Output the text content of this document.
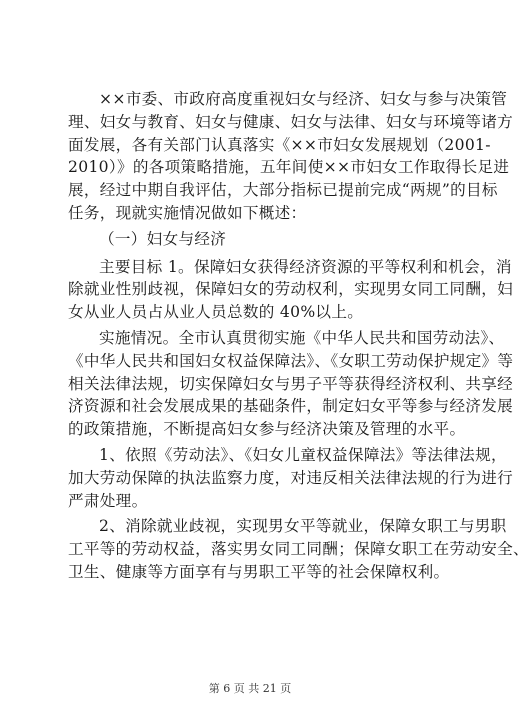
××市委、市政府高度重视妇女与经济、妇女与参与决策管
理、妇女与教育、妇女与健康、妇女与法律、妇女与环境等诸方
面发展，各有关部门认真落实《××市妇女发展规划（2001-
2010）》的各项策略措施，五年间使××市妇女工作取得长足进
展，经过中期自我评估，大部分指标已提前完成“两规”的目标
任务，现就实施情况做如下概述：

（一）妇女与经济

主要目标 1。保障妇女获得经济资源的平等权利和机会，消
除就业性别歧视，保障妇女的劳动权利，实现男女同工同酬，妇
女从业人员占从业人员总数的 40%以上。

实施情况。全市认真贯彻实施《中华人民共和国劳动法》、
《中华人民共和国妇女权益保障法》、《女职工劳动保护规定》等
相关法律法规，切实保障妇女与男子平等获得经济权利、共享经
济资源和社会发展成果的基础条件，制定妇女平等参与经济发展
的政策措施，不断提高妇女参与经济决策及管理的水平。

1、依照《劳动法》、《妇女儿童权益保障法》等法律法规，
加大劳动保障的执法监察力度，对违反相关法律法规的行为进行
严肃处理。

2、消除就业歧视，实现男女平等就业，保障女职工与男职
工平等的劳动权益，落实男女同工同酬；保障女职工在劳动安全、
卫生、健康等方面享有与男职工平等的社会保障权利。

第 6 页 共 21 页
